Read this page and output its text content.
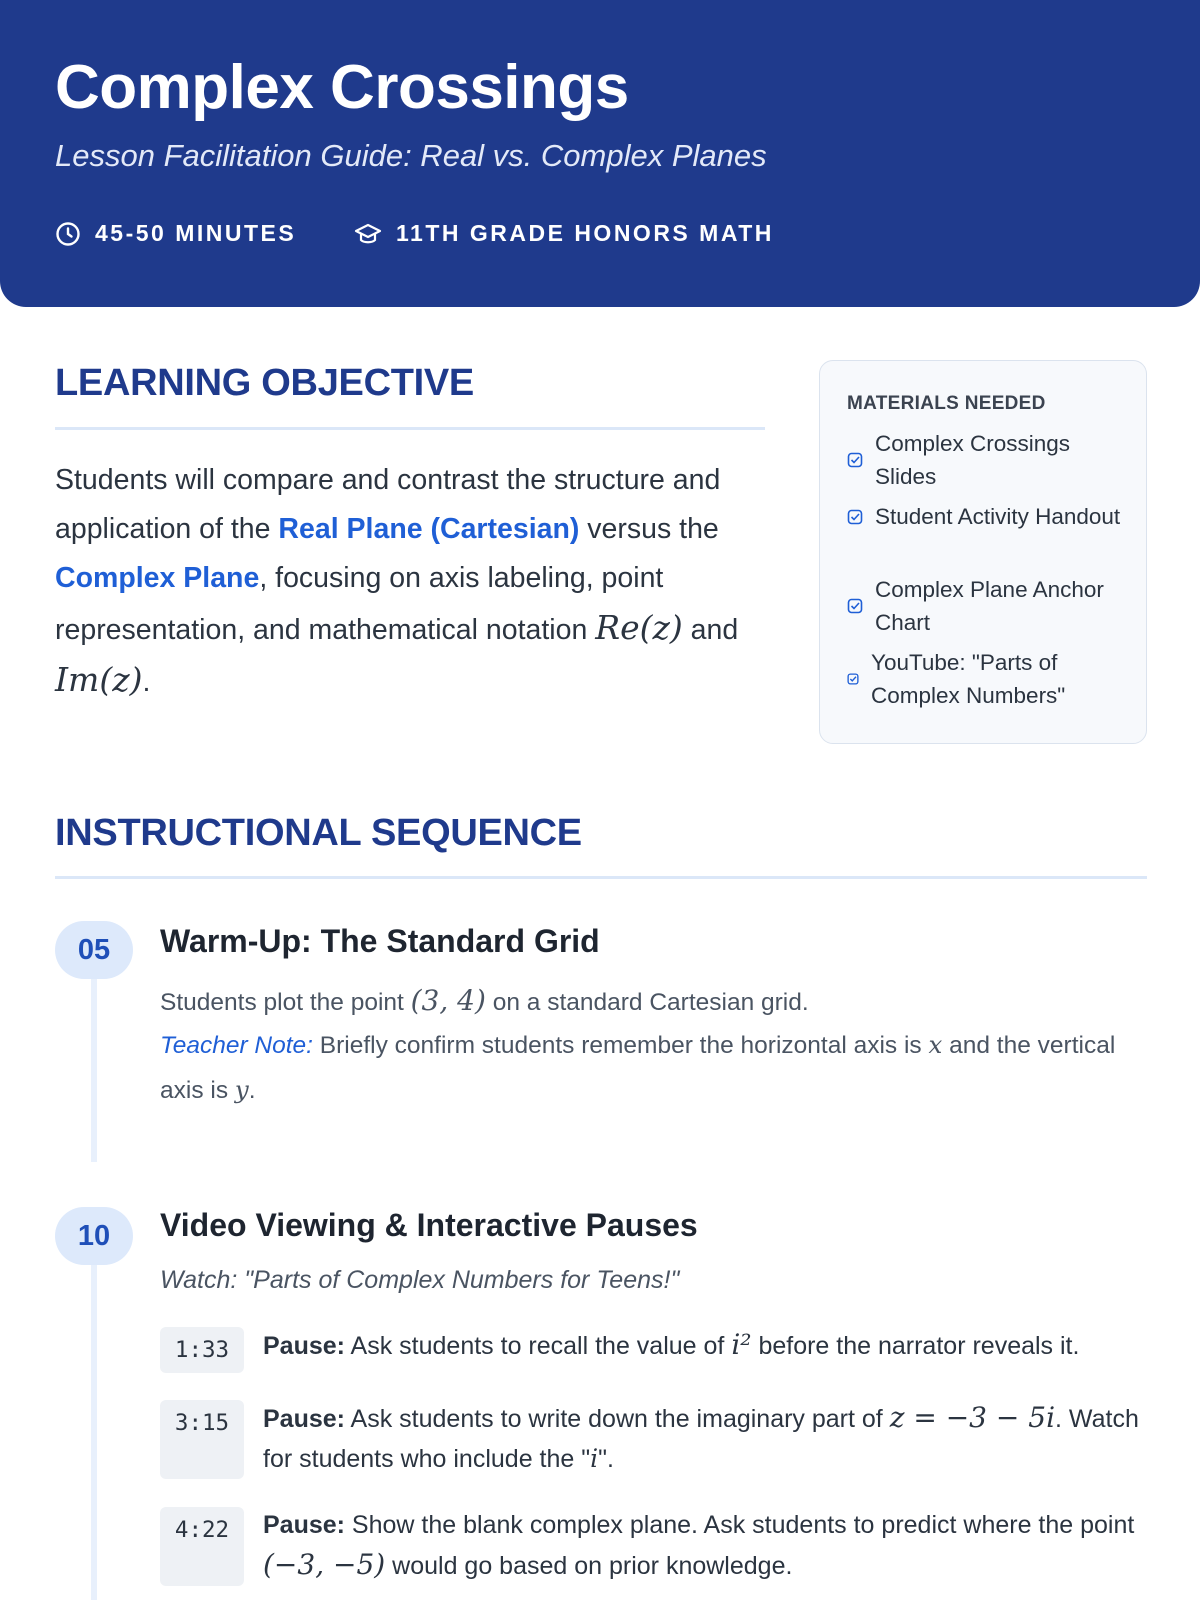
Complex Crossings
Lesson Facilitation Guide: Real vs. Complex Planes
45-50 MINUTES	11TH GRADE HONORS MATH
LEARNING OBJECTIVE
Students will compare and contrast the structure and application of the Real Plane (Cartesian) versus the Complex Plane, focusing on axis labeling, point representation, and mathematical notation Re(z) and Im(z).
MATERIALS NEEDED
Complex Crossings Slides
Student Activity Handout
Complex Plane Anchor Chart
YouTube: "Parts of Complex Numbers"
INSTRUCTIONAL SEQUENCE
05	Warm-Up: The Standard Grid
Students plot the point (3, 4) on a standard Cartesian grid.
Teacher Note: Briefly confirm students remember the horizontal axis is x and the vertical axis is y.
10	Video Viewing & Interactive Pauses
Watch: "Parts of Complex Numbers for Teens!"
1:33	Pause: Ask students to recall the value of i² before the narrator reveals it.
3:15	Pause: Ask students to write down the imaginary part of z = −3 − 5i. Watch for students who include the "i".
4:22	Pause: Show the blank complex plane. Ask students to predict where the point (−3, −5) would go based on prior knowledge.
